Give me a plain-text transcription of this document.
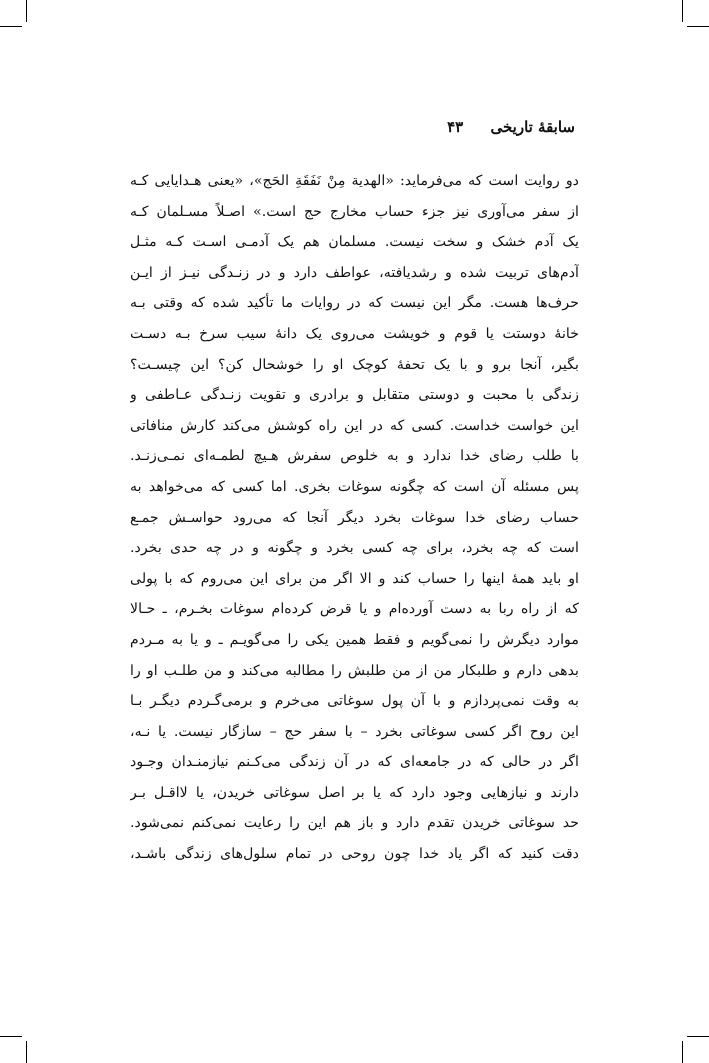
سابقهٔ تاریخی ۴۳
دو روایت است که می‌فرماید: «الهدیة مِنْ نَفَقَةِ الحَج»، «یعنی هـدایایی کـه
از سفر می‌آوری نیز جزء حساب مخارج حج است.» اصـلاً مسـلمان کـه
یک آدم خشک و سخت نیست. مسلمان هم یک آدمـی اسـت کـه مثـل
آدم‌های تربیت شده و رشدیافته، عواطف دارد و در زنـدگی نیـز از ایـن
حرف‌ها هست. مگر این نیست که در روایات ما تأکید شده که وقتی بـه
خانهٔ دوستت یا قوم و خویشت می‌روی یک دانهٔ سیب سرخ بـه دسـت
بگیر، آنجا برو و با یک تحفهٔ کوچک او را خوشحال کن؟ این چیسـت؟
زندگی با محبت و دوستی متقابل و برادری و تقویت زنـدگی عـاطفی و
این خواست خداست. کسی که در این راه کوشش می‌کند کارش منافاتی
با طلب رضای خدا ندارد و به خلوص سفرش هـیچ لطمـه‌ای نمـی‌زنـد.
پس مسئله آن است که چگونه سوغات بخری. اما کسی که می‌خواهد به
حساب رضای خدا سوغات بخرد دیگر آنجا که می‌رود حواسـش جمـع
است که چه بخرد، برای چه کسی بخرد و چگونه و در چه حدی بخرد.
او باید همهٔ اینها را حساب کند و الا اگر من برای این می‌روم که با پولی
که از راه ربا به دست آورده‌ام و یا قرض کرده‌ام سوغات بخـرم، ـ حـالا
موارد دیگرش را نمی‌گویم و فقط همین یکی را می‌گویـم ـ و یا به مـردم
بدهی دارم و طلبکار من از من طلبش را مطالبه می‌کند و من طلـب او را
به وقت نمی‌پردازم و با آن پول سوغاتی می‌خرم و برمی‌گـردم دیگـر بـا
این روح اگر کسی سوغاتی بخرد – با سفر حج – سازگار نیست. یا نـه،
اگر در حالی که در جامعه‌ای که در آن زندگی می‌کـنم نیازمنـدان وجـود
دارند و نیازهایی وجود دارد که یا بر اصل سوغاتی خریدن، یا لااقـل بـر
حد سوغاتی خریدن تقدم دارد و باز هم این را رعایت نمی‌کنم نمی‌شود.
دقت کنید که اگر یاد خدا چون روحی در تمام سلول‌های زندگی باشـد،
